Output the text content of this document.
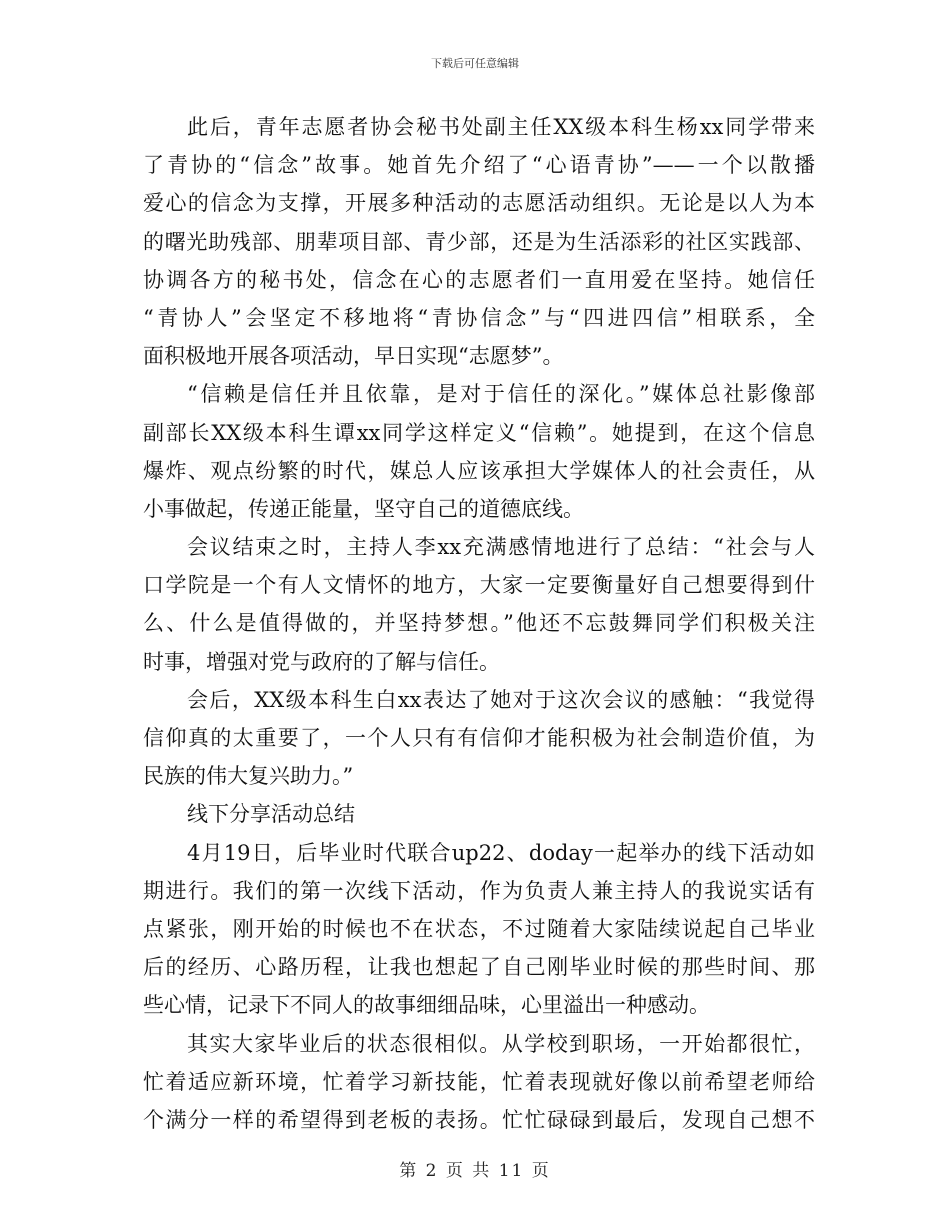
下载后可任意编辑
此后，青年志愿者协会秘书处副主任XX级本科生杨xx同学带来
了青协的“信念”故事。她首先介绍了“心语青协”——一个以散播
爱心的信念为支撑，开展多种活动的志愿活动组织。无论是以人为本
的曙光助残部、朋辈项目部、青少部，还是为生活添彩的社区实践部、
协调各方的秘书处，信念在心的志愿者们一直用爱在坚持。她信任
“青协人”会坚定不移地将“青协信念”与“四进四信”相联系，全
面积极地开展各项活动，早日实现“志愿梦”。
“信赖是信任并且依靠，是对于信任的深化。”媒体总社影像部
副部长XX级本科生谭xx同学这样定义“信赖”。她提到，在这个信息
爆炸、观点纷繁的时代，媒总人应该承担大学媒体人的社会责任，从
小事做起，传递正能量，坚守自己的道德底线。
会议结束之时，主持人李xx充满感情地进行了总结：“社会与人
口学院是一个有人文情怀的地方，大家一定要衡量好自己想要得到什
么、什么是值得做的，并坚持梦想。”他还不忘鼓舞同学们积极关注
时事，增强对党与政府的了解与信任。
会后，XX级本科生白xx表达了她对于这次会议的感触：“我觉得
信仰真的太重要了，一个人只有有信仰才能积极为社会制造价值，为
民族的伟大复兴助力。”
线下分享活动总结
4月19日，后毕业时代联合up22、doday一起举办的线下活动如
期进行。我们的第一次线下活动，作为负责人兼主持人的我说实话有
点紧张，刚开始的时候也不在状态，不过随着大家陆续说起自己毕业
后的经历、心路历程，让我也想起了自己刚毕业时候的那些时间、那
些心情，记录下不同人的故事细细品味，心里溢出一种感动。
其实大家毕业后的状态很相似。从学校到职场，一开始都很忙，
忙着适应新环境，忙着学习新技能，忙着表现就好像以前希望老师给
个满分一样的希望得到老板的表扬。忙忙碌碌到最后，发现自己想不
第 2 页 共 11 页
